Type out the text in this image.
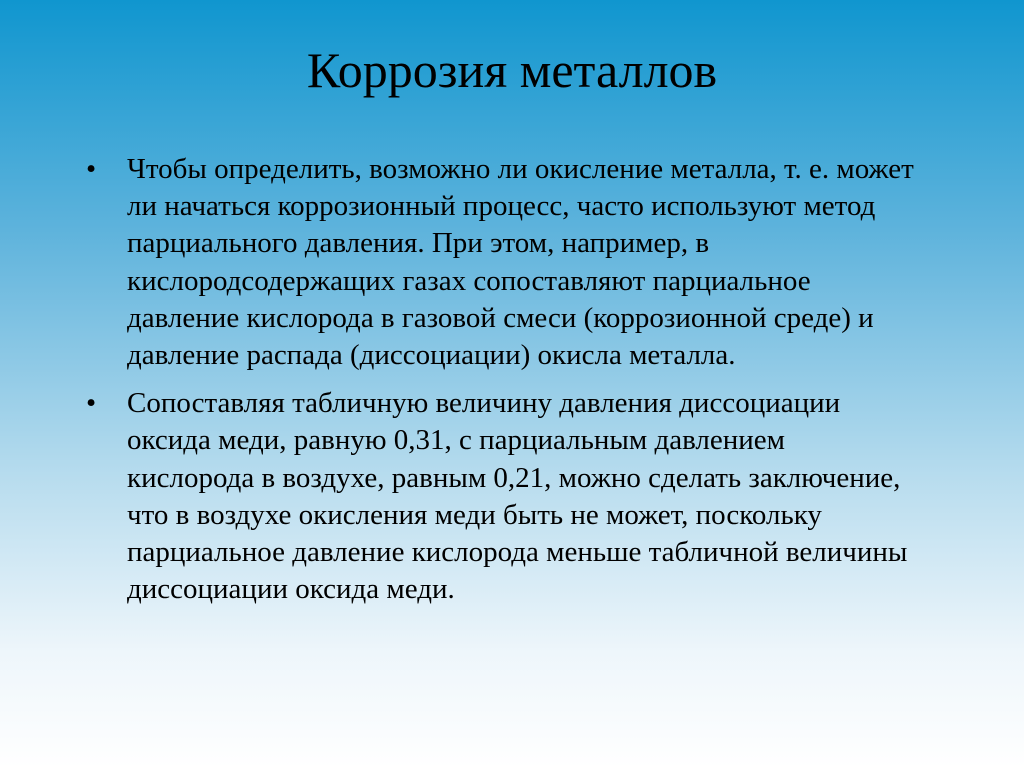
Коррозия металлов
• Чтобы определить, возможно ли окисление металла, т. е. может ли начаться коррозионный процесс, часто используют метод парциального давления. При этом, например, в кислородсодержащих газах сопоставляют парциальное давление кислорода в газовой смеси (коррозионной среде) и давление распада (диссоциации) окисла металла.
• Сопоставляя табличную величину давления диссоциации оксида меди, равную 0,31, с парциальным давлением кислорода в воздухе, равным 0,21, можно сделать заключение, что в воздухе окисления меди быть не может, поскольку парциальное давление кислорода меньше табличной величины диссоциации оксида меди.
